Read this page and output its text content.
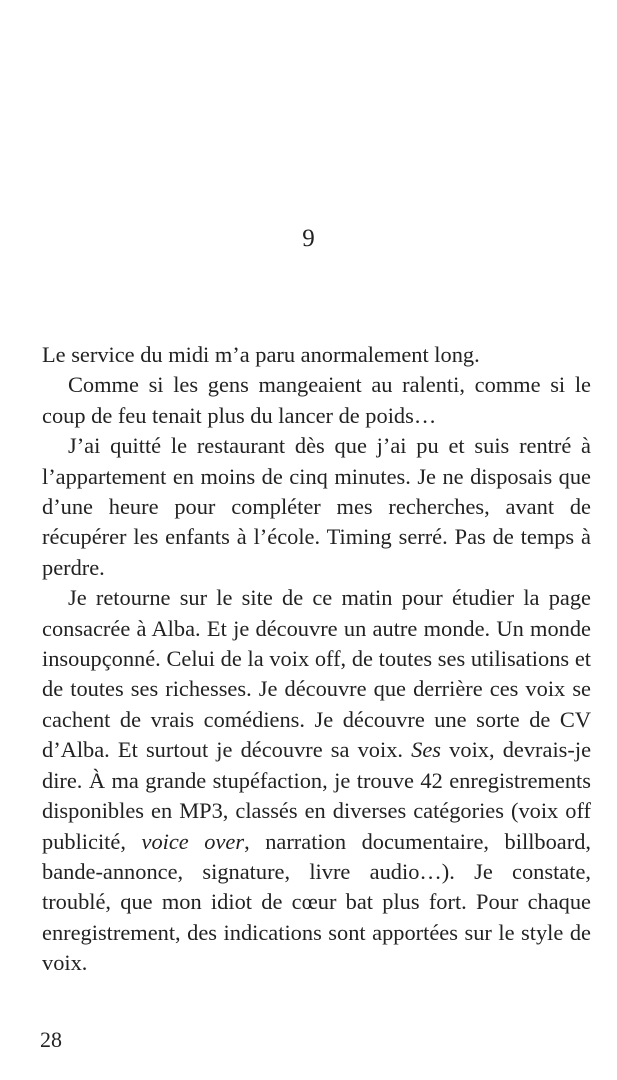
9

Le service du midi m’a paru anormalement long.

Comme si les gens mangeaient au ralenti, comme si le coup de feu tenait plus du lancer de poids…

J’ai quitté le restaurant dès que j’ai pu et suis rentré à l’appartement en moins de cinq minutes. Je ne disposais que d’une heure pour compléter mes recherches, avant de récupérer les enfants à l’école. Timing serré. Pas de temps à perdre.

Je retourne sur le site de ce matin pour étudier la page consacrée à Alba. Et je découvre un autre monde. Un monde insoupçonné. Celui de la voix off, de toutes ses utilisations et de toutes ses richesses. Je découvre que derrière ces voix se cachent de vrais comédiens. Je découvre une sorte de CV d’Alba. Et surtout je découvre sa voix. Ses voix, devrais-je dire. À ma grande stupéfaction, je trouve 42 enregistrements disponibles en MP3, classés en diverses catégories (voix off publicité, voice over, narration documentaire, billboard, bande-annonce, signature, livre audio…). Je constate, troublé, que mon idiot de cœur bat plus fort. Pour chaque enregistrement, des indications sont apportées sur le style de voix.

28
